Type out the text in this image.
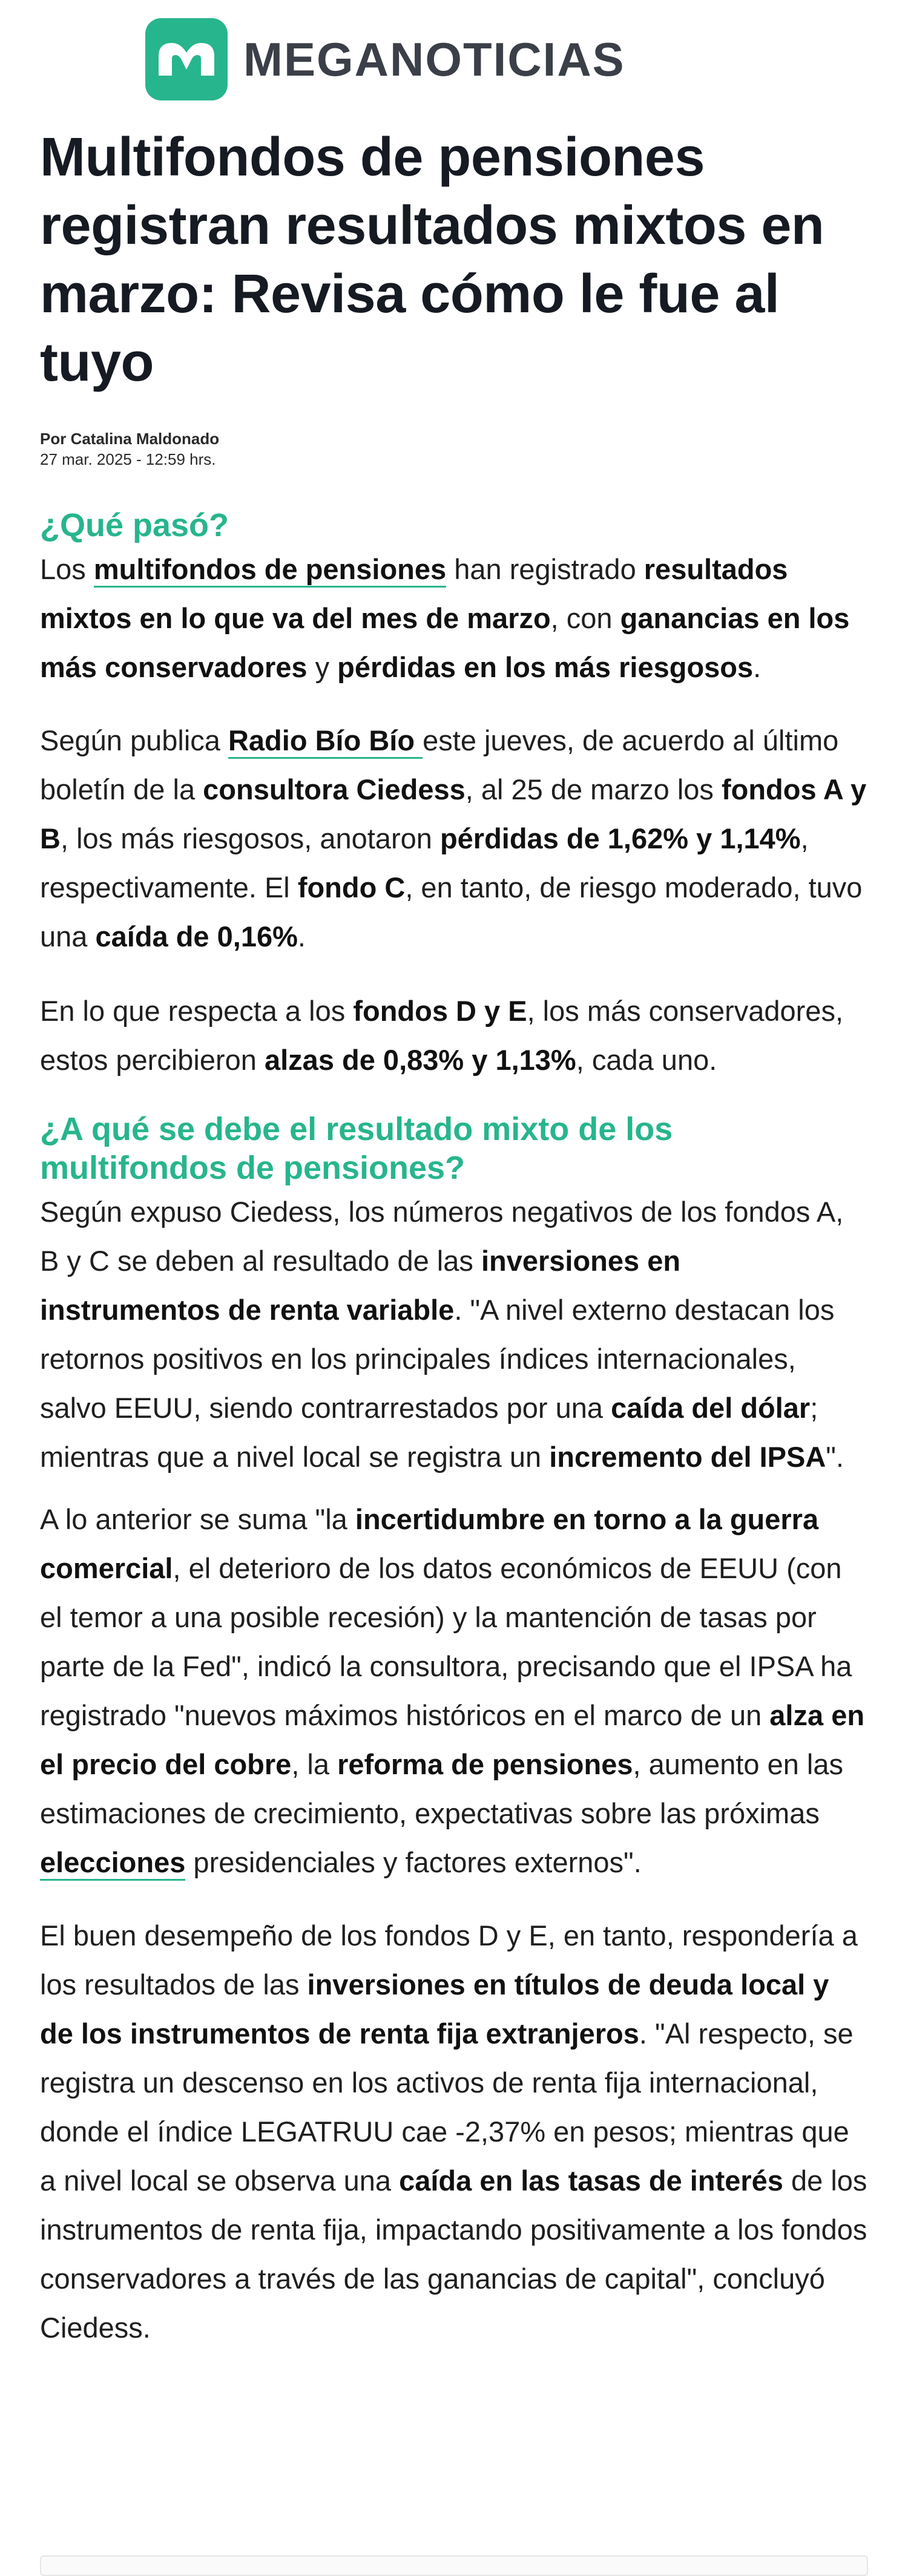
MEGANOTICIAS
Multifondos de pensiones registran resultados mixtos en marzo: Revisa cómo le fue al tuyo
Por Catalina Maldonado
27 mar. 2025 - 12:59 hrs.
¿Qué pasó?

Los multifondos de pensiones han registrado resultados mixtos en lo que va del mes de marzo, con ganancias en los más conservadores y pérdidas en los más riesgosos.

Según publica Radio Bío Bío este jueves, de acuerdo al último boletín de la consultora Ciedess, al 25 de marzo los fondos A y B, los más riesgosos, anotaron pérdidas de 1,62% y 1,14%, respectivamente. El fondo C, en tanto, de riesgo moderado, tuvo una caída de 0,16%.

En lo que respecta a los fondos D y E, los más conservadores, estos percibieron alzas de 0,83% y 1,13%, cada uno.

¿A qué se debe el resultado mixto de los multifondos de pensiones?

Según expuso Ciedess, los números negativos de los fondos A, B y C se deben al resultado de las inversiones en instrumentos de renta variable. "A nivel externo destacan los retornos positivos en los principales índices internacionales, salvo EEUU, siendo contrarrestados por una caída del dólar; mientras que a nivel local se registra un incremento del IPSA".

A lo anterior se suma "la incertidumbre en torno a la guerra comercial, el deterioro de los datos económicos de EEUU (con el temor a una posible recesión) y la mantención de tasas por parte de la Fed", indicó la consultora, precisando que el IPSA ha registrado "nuevos máximos históricos en el marco de un alza en el precio del cobre, la reforma de pensiones, aumento en las estimaciones de crecimiento, expectativas sobre las próximas elecciones presidenciales y factores externos".

El buen desempeño de los fondos D y E, en tanto, respondería a los resultados de las inversiones en títulos de deuda local y de los instrumentos de renta fija extranjeros. "Al respecto, se registra un descenso en los activos de renta fija internacional, donde el índice LEGATRUU cae -2,37% en pesos; mientras que a nivel local se observa una caída en las tasas de interés de los instrumentos de renta fija, impactando positivamente a los fondos conservadores a través de las ganancias de capital", concluyó Ciedess.
